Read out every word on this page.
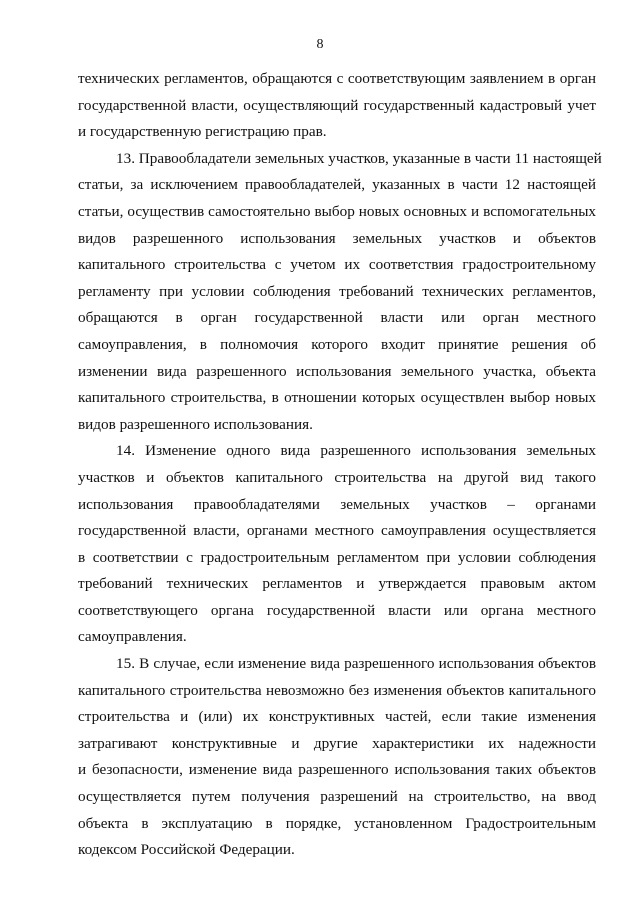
8

технических регламентов, обращаются с соответствующим заявлением в орган
государственной власти, осуществляющий государственный кадастровый учет
и государственную регистрацию прав.

13. Правообладатели земельных участков, указанные в части 11 настоящей
статьи, за исключением правообладателей, указанных в части 12 настоящей
статьи, осуществив самостоятельно выбор новых основных и вспомогательных
видов разрешенного использования земельных участков и объектов
капитального строительства с учетом их соответствия градостроительному
регламенту при условии соблюдения требований технических регламентов,
обращаются в орган государственной власти или орган местного
самоуправления, в полномочия которого входит принятие решения об
изменении вида разрешенного использования земельного участка, объекта
капитального строительства, в отношении которых осуществлен выбор новых
видов разрешенного использования.

14. Изменение одного вида разрешенного использования земельных
участков и объектов капитального строительства на другой вид такого
использования правообладателями земельных участков – органами
государственной власти, органами местного самоуправления осуществляется
в соответствии с градостроительным регламентом при условии соблюдения
требований технических регламентов и утверждается правовым актом
соответствующего органа государственной власти или органа местного
самоуправления.

15. В случае, если изменение вида разрешенного использования объектов
капитального строительства невозможно без изменения объектов капитального
строительства и (или) их конструктивных частей, если такие изменения
затрагивают конструктивные и другие характеристики их надежности
и безопасности, изменение вида разрешенного использования таких объектов
осуществляется путем получения разрешений на строительство, на ввод
объекта в эксплуатацию в порядке, установленном Градостроительным
кодексом Российской Федерации.
